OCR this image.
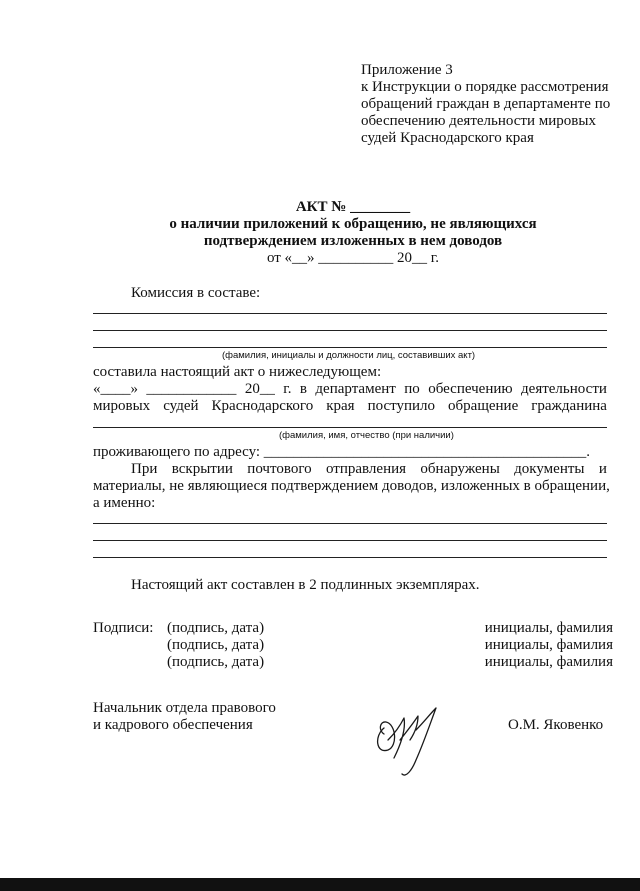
Приложение 3
к Инструкции о порядке рассмотрения
обращений граждан в департаменте по
обеспечению деятельности мировых
судей Краснодарского края
АКТ № ________
о наличии приложений к обращению, не являющихся
подтверждением изложенных в нем доводов
от «__» __________ 20__ г.
Комиссия в составе:
(фамилия, инициалы и должности лиц, составивших акт)
составила настоящий акт о нижеследующем:
«____» ____________ 20__ г. в департамент по обеспечению деятельности
мировых судей Краснодарского края поступило обращение гражданина
(фамилия, имя, отчество (при наличии)
проживающего по адресу: ___________________________________________.
При вскрытии почтового отправления обнаружены документы и
материалы, не являющиеся подтверждением доводов, изложенных в обращении,
а именно:
Настоящий акт составлен в 2 подлинных экземплярах.
Подписи: (подпись, дата)	инициалы, фамилия
(подпись, дата)	инициалы, фамилия
(подпись, дата)	инициалы, фамилия
Начальник отдела правового
и кадрового обеспечения	О.М. Яковенко
